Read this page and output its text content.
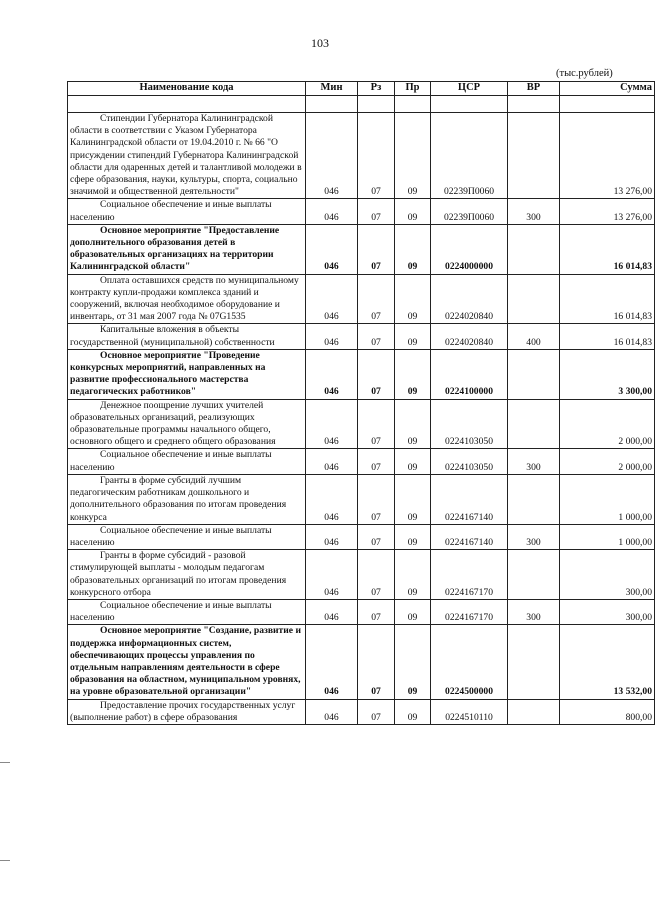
103
(тыс.рублей)
Наименование кода	Мин	Рз	Пр	ЦСР	ВР	Сумма

Стипендии Губернатора Калининградской области в соответствии с Указом Губернатора Калининградской области от 19.04.2010 г. № 66 "О присуждении стипендий Губернатора Калининградской области для одаренных детей и талантливой молодежи в сфере образования, науки, культуры, спорта, социально значимой и общественной деятельности"	046	07	09	02239П0060		13 276,00

Социальное обеспечение и иные выплаты населению	046	07	09	02239П0060	300	13 276,00

Основное мероприятие "Предоставление дополнительного образования детей в образовательных организациях на территории Калининградской области"	046	07	09	0224000000		16 014,83

Оплата оставшихся средств по муниципальному контракту купли-продажи комплекса зданий и сооружений, включая необходимое оборудование и инвентарь, от 31 мая 2007 года № 07G1535	046	07	09	0224020840		16 014,83

Капитальные вложения в объекты государственной (муниципальной) собственности	046	07	09	0224020840	400	16 014,83

Основное мероприятие "Проведение конкурсных мероприятий, направленных на развитие профессионального мастерства педагогических работников"	046	07	09	0224100000		3 300,00

Денежное поощрение лучших учителей образовательных организаций, реализующих образовательные программы начального общего, основного общего и среднего общего образования	046	07	09	0224103050		2 000,00

Социальное обеспечение и иные выплаты населению	046	07	09	0224103050	300	2 000,00

Гранты в форме субсидий лучшим педагогическим работникам дошкольного и дополнительного образования по итогам проведения конкурса	046	07	09	0224167140		1 000,00

Социальное обеспечение и иные выплаты населению	046	07	09	0224167140	300	1 000,00

Гранты в форме субсидий - разовой стимулирующей выплаты - молодым педагогам образовательных организаций по итогам проведения конкурсного отбора	046	07	09	0224167170		300,00

Социальное обеспечение и иные выплаты населению	046	07	09	0224167170	300	300,00

Основное мероприятие "Создание, развитие и поддержка информационных систем, обеспечивающих процессы управления по отдельным направлениям деятельности в сфере образования на областном, муниципальном уровнях, на уровне образовательной организации"	046	07	09	0224500000		13 532,00

Предоставление прочих государственных услуг (выполнение работ) в сфере образования	046	07	09	0224510110		800,00
